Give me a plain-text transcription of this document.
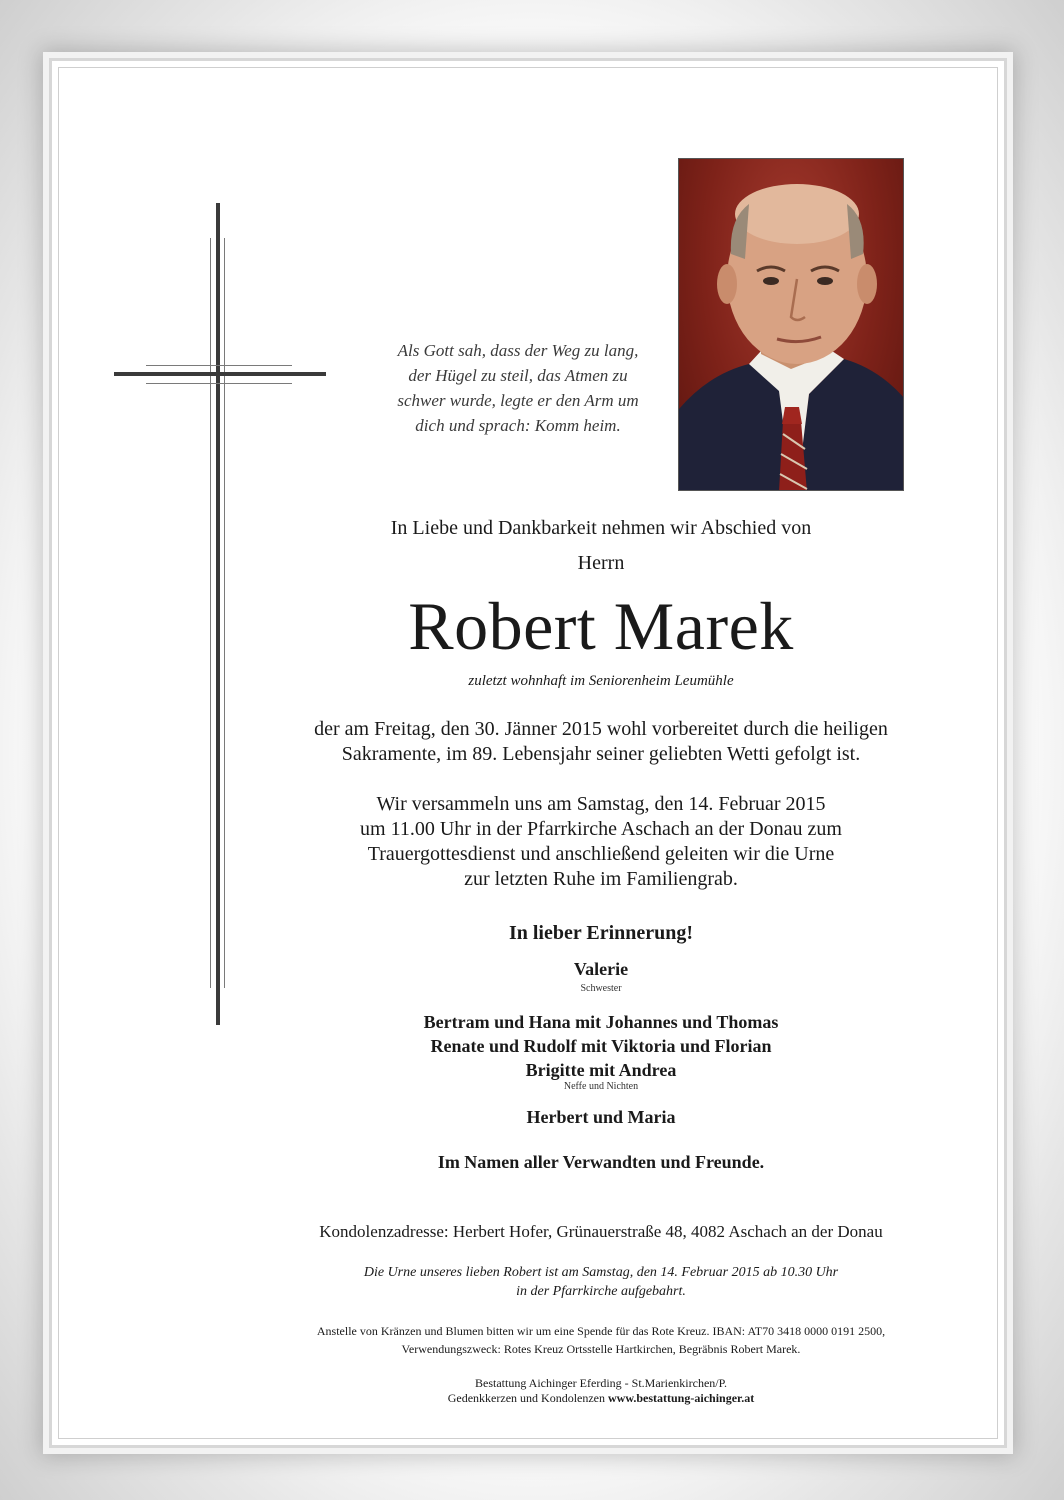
Als Gott sah, dass der Weg zu lang,
der Hügel zu steil, das Atmen zu
schwer wurde, legte er den Arm um
dich und sprach: Komm heim.
In Liebe und Dankbarkeit nehmen wir Abschied von
Herrn
Robert Marek
zuletzt wohnhaft im Seniorenheim Leumühle
der am Freitag, den 30. Jänner 2015 wohl vorbereitet durch die heiligen
Sakramente, im 89. Lebensjahr seiner geliebten Wetti gefolgt ist.
Wir versammeln uns am Samstag, den 14. Februar 2015
um 11.00 Uhr in der Pfarrkirche Aschach an der Donau zum
Trauergottesdienst und anschließend geleiten wir die Urne
zur letzten Ruhe im Familiengrab.
In lieber Erinnerung!
Valerie
Schwester
Bertram und Hana mit Johannes und Thomas
Renate und Rudolf mit Viktoria und Florian
Brigitte mit Andrea
Neffe und Nichten
Herbert und Maria
Im Namen aller Verwandten und Freunde.
Kondolenzadresse: Herbert Hofer, Grünauerstraße 48, 4082 Aschach an der Donau
Die Urne unseres lieben Robert ist am Samstag, den 14. Februar 2015 ab 10.30 Uhr
in der Pfarrkirche aufgebahrt.
Anstelle von Kränzen und Blumen bitten wir um eine Spende für das Rote Kreuz. IBAN: AT70 3418 0000 0191 2500,
Verwendungszweck: Rotes Kreuz Ortsstelle Hartkirchen, Begräbnis Robert Marek.
Bestattung Aichinger Eferding - St.Marienkirchen/P.
Gedenkkerzen und Kondolenzen www.bestattung-aichinger.at
